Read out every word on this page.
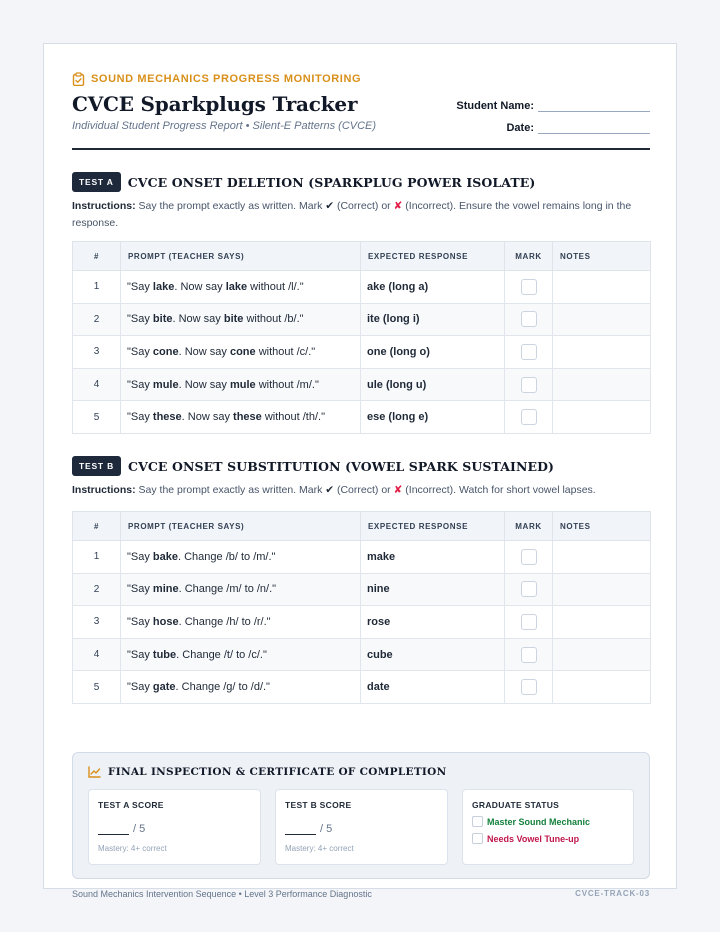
SOUND MECHANICS PROGRESS MONITORING
CVCE Sparkplugs Tracker
Individual Student Progress Report • Silent-E Patterns (CVCE)
Student Name:
Date:
TEST A	CVCE ONSET DELETION (SPARKPLUG POWER ISOLATE)

Instructions: Say the prompt exactly as written. Mark ✔ (Correct) or ✘ (Incorrect). Ensure the vowel remains long in the response.

#	PROMPT (TEACHER SAYS)	EXPECTED RESPONSE	MARK	NOTES
1	"Say lake. Now say lake without /l/."	ake (long a)		
2	"Say bite. Now say bite without /b/."	ite (long i)		
3	"Say cone. Now say cone without /c/."	one (long o)		
4	"Say mule. Now say mule without /m/."	ule (long u)		
5	"Say these. Now say these without /th/."	ese (long e)		
TEST B	CVCE ONSET SUBSTITUTION (VOWEL SPARK SUSTAINED)

Instructions: Say the prompt exactly as written. Mark ✔ (Correct) or ✘ (Incorrect). Watch for short vowel lapses.

#	PROMPT (TEACHER SAYS)	EXPECTED RESPONSE	MARK	NOTES
1	"Say bake. Change /b/ to /m/."	make		
2	"Say mine. Change /m/ to /n/."	nine		
3	"Say hose. Change /h/ to /r/."	rose		
4	"Say tube. Change /t/ to /c/."	cube		
5	"Say gate. Change /g/ to /d/."	date		
FINAL INSPECTION & CERTIFICATE OF COMPLETION
TEST A SCORE
/ 5
Mastery: 4+ correct
TEST B SCORE
/ 5
Mastery: 4+ correct
GRADUATE STATUS
Master Sound Mechanic
Needs Vowel Tune-up
Sound Mechanics Intervention Sequence • Level 3 Performance Diagnostic	CVCE-TRACK-03
